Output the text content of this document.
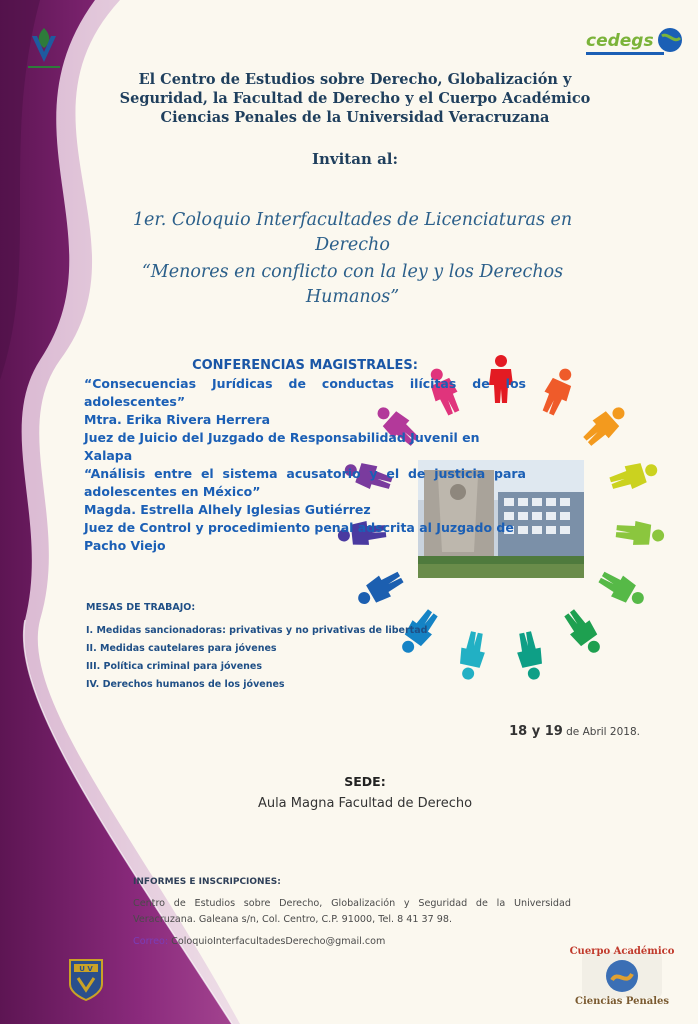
cedegs
El Centro de Estudios sobre Derecho, Globalización y
Seguridad, la Facultad de Derecho y el Cuerpo Académico
Ciencias Penales de la Universidad Veracruzana
Invitan al:
1er. Coloquio Interfacultades de Licenciaturas en Derecho
“Menores en conflicto con la ley y los Derechos Humanos”
CONFERENCIAS MAGISTRALES:
“Consecuencias Jurídicas de conductas ilícitas de los adolescentes”
Mtra. Erika Rivera Herrera
Juez de Juicio del Juzgado de Responsabilidad Juvenil en Xalapa
“Análisis entre el sistema acusatorio y el de justicia para adolescentes en México”
Magda. Estrella Alhely Iglesias Gutiérrez
Juez de Control y procedimiento penal adscrita al Juzgado de Pacho Viejo
MESAS DE TRABAJO:
I. Medidas sancionadoras: privativas y no privativas de libertad
II. Medidas cautelares para jóvenes
III. Política criminal para jóvenes
IV. Derechos humanos de los jóvenes
18 y 19 de Abril 2018.
SEDE:
Aula Magna Facultad de Derecho
INFORMES E INSCRIPCIONES:
Centro de Estudios sobre Derecho, Globalización y Seguridad de la Universidad Veracruzana. Galeana s/n, Col. Centro, C.P. 91000, Tel. 8 41 37 98.
Correo: ColoquioInterfacultadesDerecho@gmail.com
U V
Cuerpo Académico
Ciencias Penales
